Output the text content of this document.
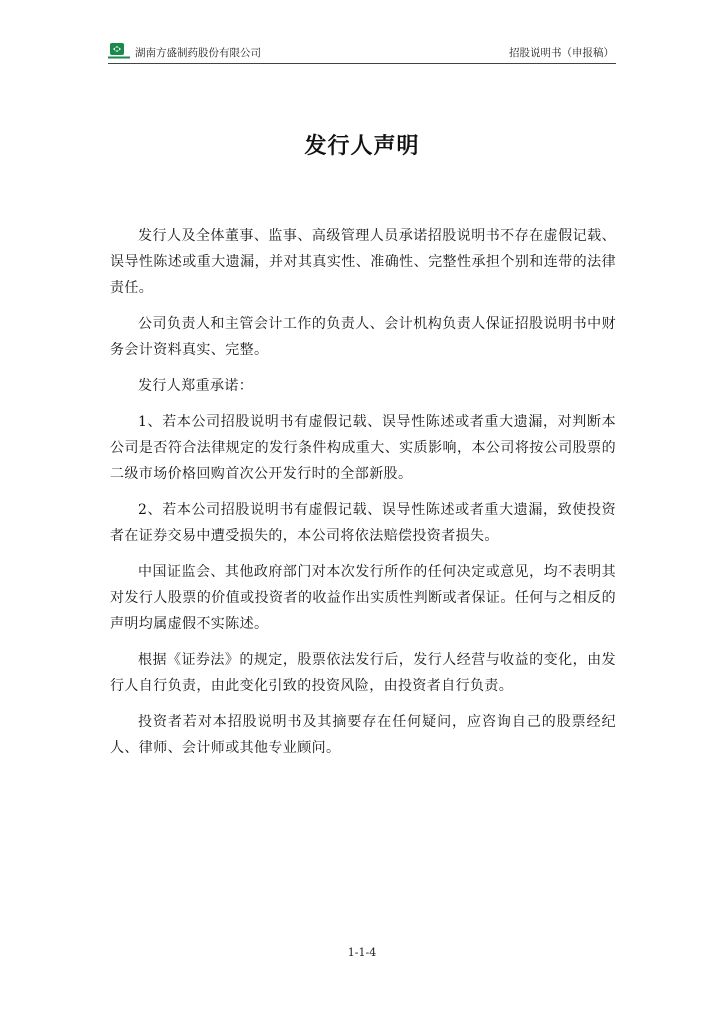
湖南方盛制药股份有限公司	招股说明书（申报稿）
发行人声明

发行人及全体董事、监事、高级管理人员承诺招股说明书不存在虚假记载、误导性陈述或重大遗漏，并对其真实性、准确性、完整性承担个别和连带的法律责任。

公司负责人和主管会计工作的负责人、会计机构负责人保证招股说明书中财务会计资料真实、完整。

发行人郑重承诺：

1、若本公司招股说明书有虚假记载、误导性陈述或者重大遗漏，对判断本公司是否符合法律规定的发行条件构成重大、实质影响，本公司将按公司股票的二级市场价格回购首次公开发行时的全部新股。

2、若本公司招股说明书有虚假记载、误导性陈述或者重大遗漏，致使投资者在证券交易中遭受损失的，本公司将依法赔偿投资者损失。

中国证监会、其他政府部门对本次发行所作的任何决定或意见，均不表明其对发行人股票的价值或投资者的收益作出实质性判断或者保证。任何与之相反的声明均属虚假不实陈述。

根据《证券法》的规定，股票依法发行后，发行人经营与收益的变化，由发行人自行负责，由此变化引致的投资风险，由投资者自行负责。

投资者若对本招股说明书及其摘要存在任何疑问，应咨询自己的股票经纪人、律师、会计师或其他专业顾问。

1-1-4
